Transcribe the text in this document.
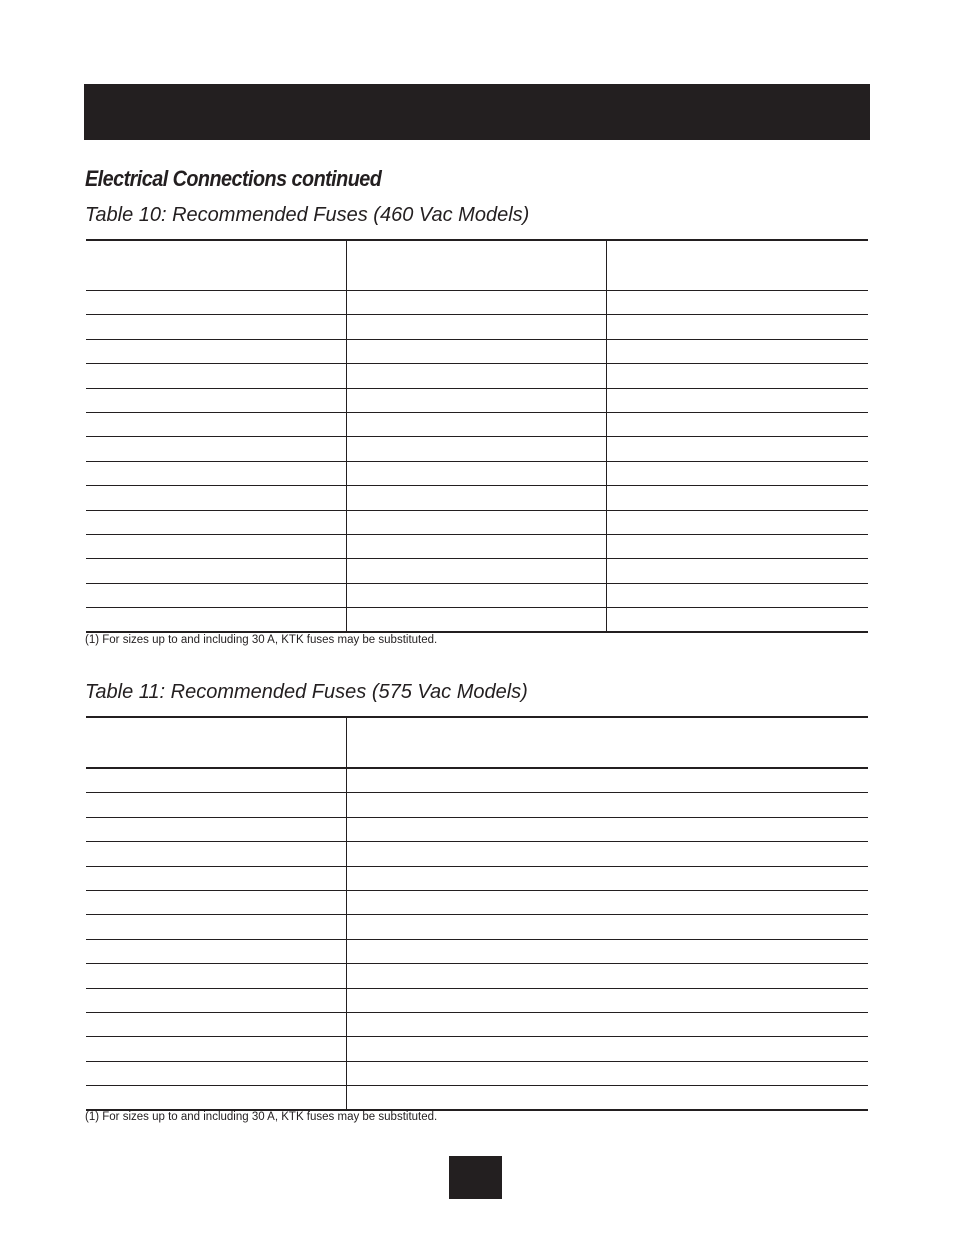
Electrical Connections continued
Table 10: Recommended Fuses (460 Vac Models)

(1) For sizes up to and including 30 A, KTK fuses may be substituted.

Table 11: Recommended Fuses (575 Vac Models)

(1) For sizes up to and including 30 A, KTK fuses may be substituted.
